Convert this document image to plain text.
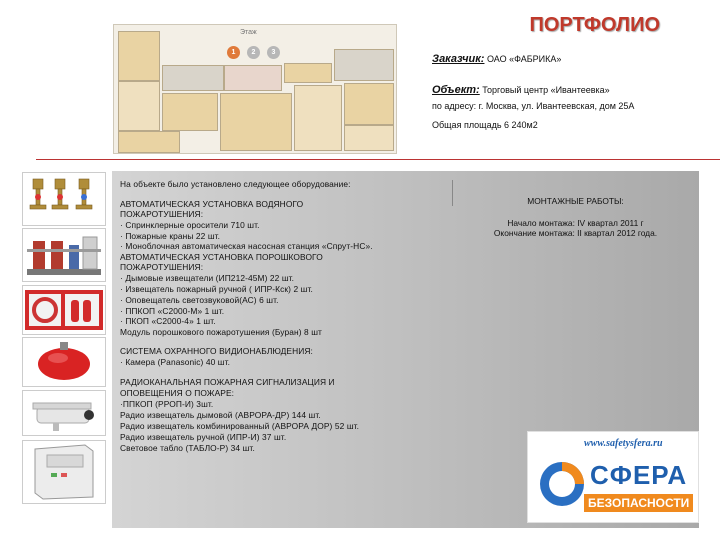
ПОРТФОЛИО
Этаж
1	2	3
Заказчик: ОАО «ФАБРИКА»
Объект: Торговый центр «Ивантеевка»
по адресу: г. Москва, ул. Ивантеевская, дом 25А
Общая площадь 6 240м2
На объекте было установлено следующее оборудование:
АВТОМАТИЧЕСКАЯ УСТАНОВКА ВОДЯНОГО
ПОЖАРОТУШЕНИЯ:
· Спринклерные оросители 710 шт.
· Пожарные краны 22 шт.
· Моноблочная автоматическая насосная станция «Спрут-НС».
АВТОМАТИЧЕСКАЯ УСТАНОВКА ПОРОШКОВОГО
ПОЖАРОТУШЕНИЯ:
· Дымовые извещатели (ИП212-45М) 22 шт.
· Извещатель пожарный ручной ( ИПР-Кск) 2 шт.
· Оповещатель светозвуковой(АС) 6 шт.
· ППКОП «С2000-М» 1 шт.
· ПКОП «С2000-4» 1 шт.
Модуль порошкового пожаротушения (Буран) 8 шт
СИСТЕМА ОХРАННОГО ВИДИОНАБЛЮДЕНИЯ:
· Камера (Panasonic) 40 шт.
РАДИОКАНАЛЬНАЯ ПОЖАРНАЯ СИГНАЛИЗАЦИЯ И
ОПОВЕЩЕНИЯ О ПОЖАРЕ:
·ППКОП (РРОП-И) 3шт.
Радио извещатель дымовой (АВРОРА-ДР) 144 шт.
Радио извещатель комбинированный (АВРОРА ДОР) 52 шт.
Радио извещатель ручной (ИПР-И) 37 шт.
Световое табло (ТАБЛО-Р) 34 шт.
МОНТАЖНЫЕ РАБОТЫ:
Начало монтажа: IV квартал 2011 г
Окончание монтажа: II квартал 2012 года.
www.safetysfera.ru
СФЕРА
БЕЗОПАСНОСТИ
